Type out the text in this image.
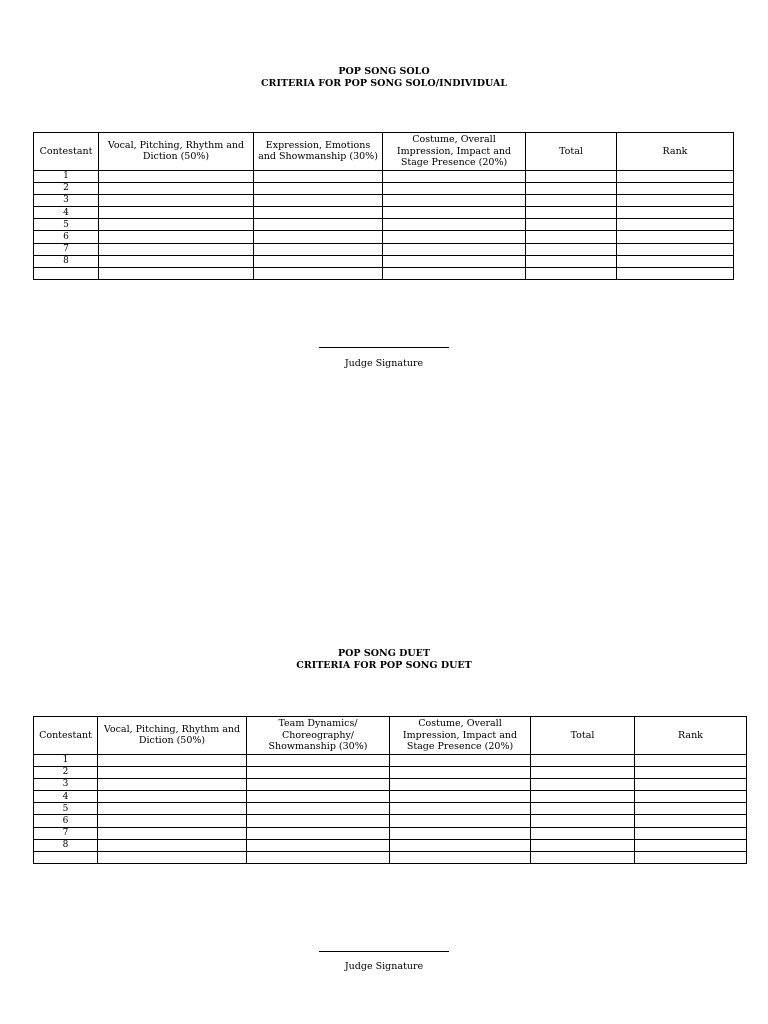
POP SONG SOLO
CRITERIA FOR POP SONG SOLO/INDIVIDUAL
Contestant	Vocal, Pitching, Rhythm and Diction (50%)	Expression, Emotions and Showmanship (30%)	Costume, Overall Impression, Impact and Stage Presence (20%)	Total	Rank
1					
2					
3					
4					
5					
6					
7					
8					

Judge Signature
POP SONG DUET
CRITERIA FOR POP SONG DUET
Contestant	Vocal, Pitching, Rhythm and Diction (50%)	Team Dynamics/ Choreography/ Showmanship (30%)	Costume, Overall Impression, Impact and Stage Presence (20%)	Total	Rank
1					
2					
3					
4					
5					
6					
7					
8					

Judge Signature
